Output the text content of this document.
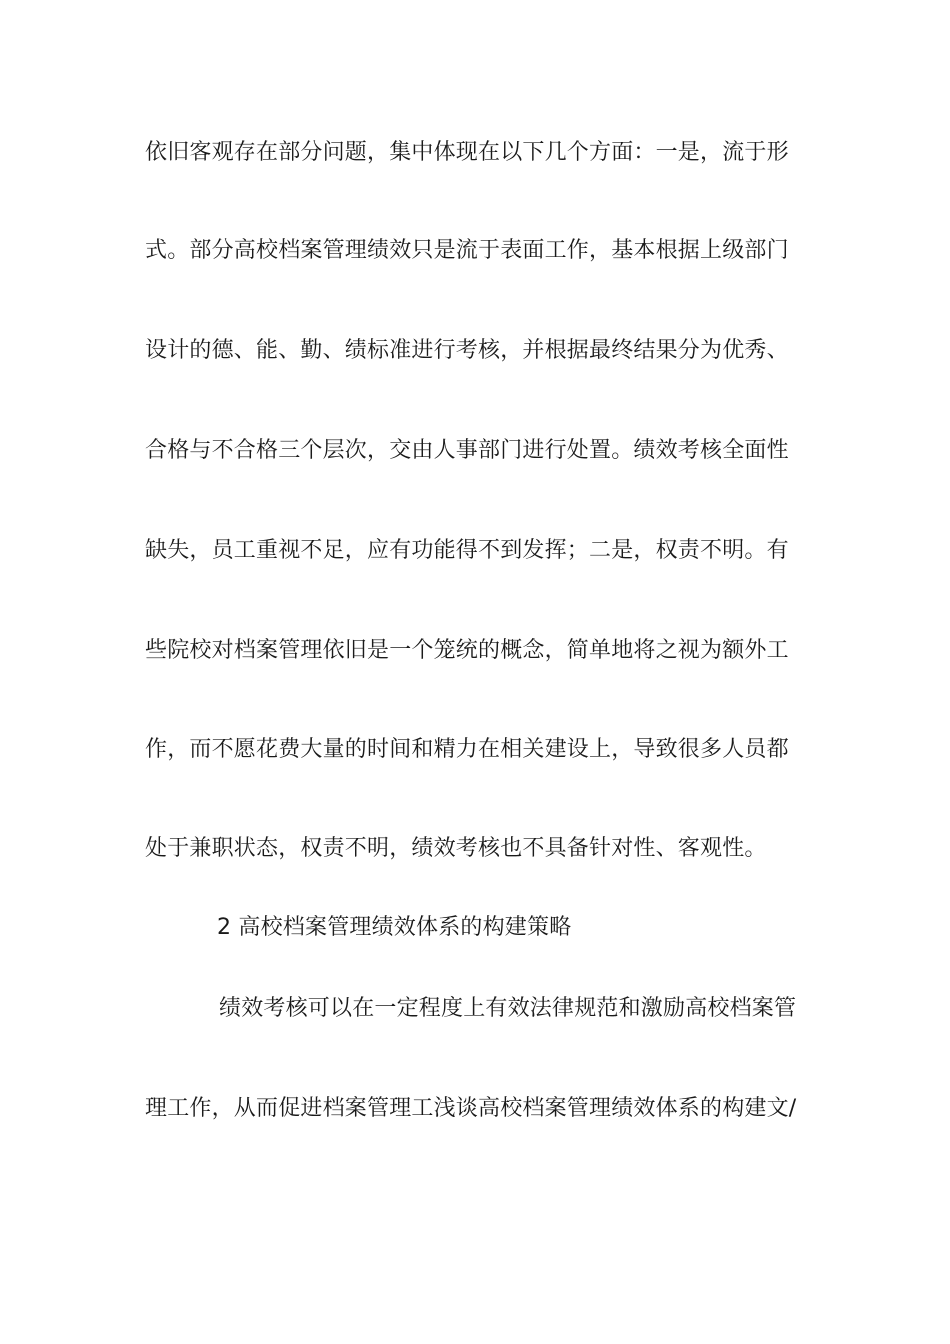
依旧客观存在部分问题，集中体现在以下几个方面：一是，流于形
式。部分高校档案管理绩效只是流于表面工作，基本根据上级部门
设计的德、能、勤、绩标准进行考核，并根据最终结果分为优秀、
合格与不合格三个层次，交由人事部门进行处置。绩效考核全面性
缺失，员工重视不足，应有功能得不到发挥；二是，权责不明。有
些院校对档案管理依旧是一个笼统的概念，简单地将之视为额外工
作，而不愿花费大量的时间和精力在相关建设上，导致很多人员都
处于兼职状态，权责不明，绩效考核也不具备针对性、客观性。
2 高校档案管理绩效体系的构建策略
绩效考核可以在一定程度上有效法律规范和激励高校档案管
理工作，从而促进档案管理工浅谈高校档案管理绩效体系的构建文/
